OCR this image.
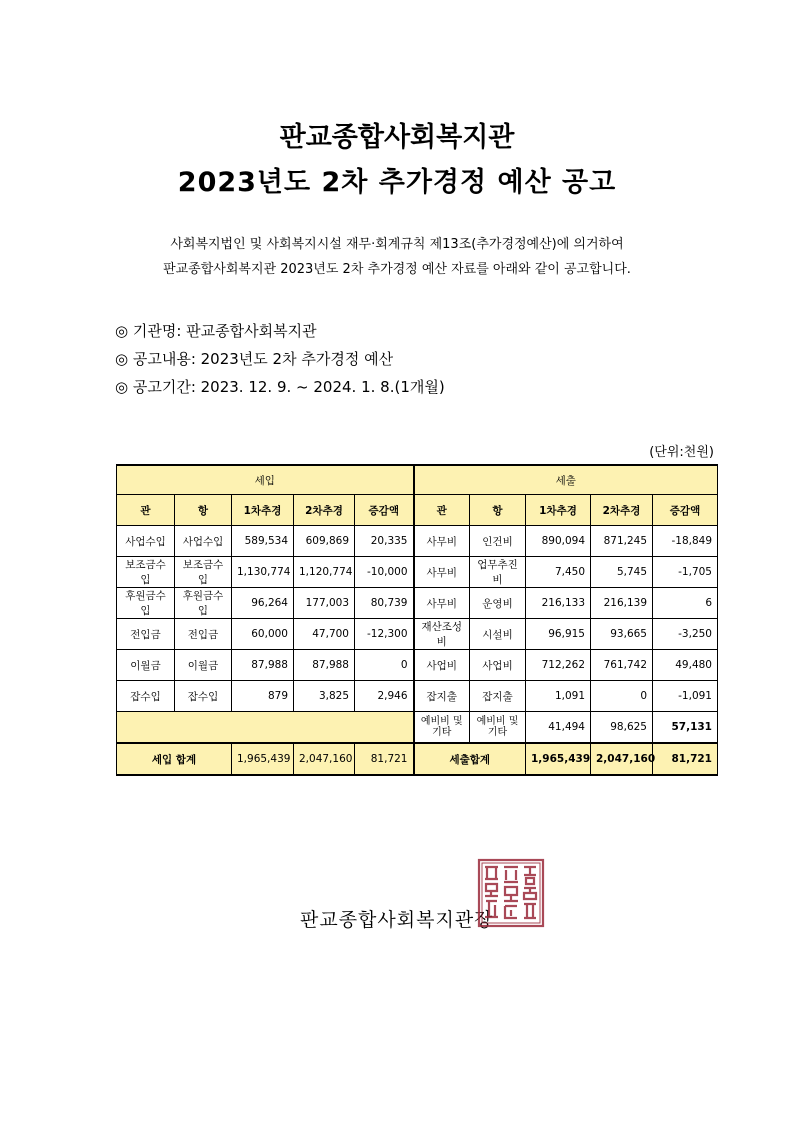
판교종합사회복지관
2023년도 2차 추가경정 예산 공고
사회복지법인 및 사회복지시설 재무·회계규칙 제13조(추가경정예산)에 의거하여
판교종합사회복지관 2023년도 2차 추가경정 예산 자료를 아래와 같이 공고합니다.
◎ 기관명: 판교종합사회복지관
◎ 공고내용: 2023년도 2차 추가경정 예산
◎ 공고기간: 2023. 12. 9. ~ 2024. 1. 8.(1개월)
(단위:천원)
세입					세출				
관	항	1차추경	2차추경	증감액	관	항	1차추경	2차추경	증감액
사업수입	사업수입	589,534	609,869	20,335	사무비	인건비	890,094	871,245	-18,849
보조금수입	보조금수입	1,130,774	1,120,774	-10,000	사무비	업무추진비	7,450	5,745	-1,705
후원금수입	후원금수입	96,264	177,003	80,739	사무비	운영비	216,133	216,139	6
전입금	전입금	60,000	47,700	-12,300	재산조성비	시설비	96,915	93,665	-3,250
이월금	이월금	87,988	87,988	0	사업비	사업비	712,262	761,742	49,480
잡수입	잡수입	879	3,825	2,946	잡지출	잡지출	1,091	0	-1,091
					예비비 및 기타	예비비 및 기타	41,494	98,625	57,131
세입 합계		1,965,439	2,047,160	81,721	세출합계		1,965,439	2,047,160	81,721
판교종합사회복지관장
